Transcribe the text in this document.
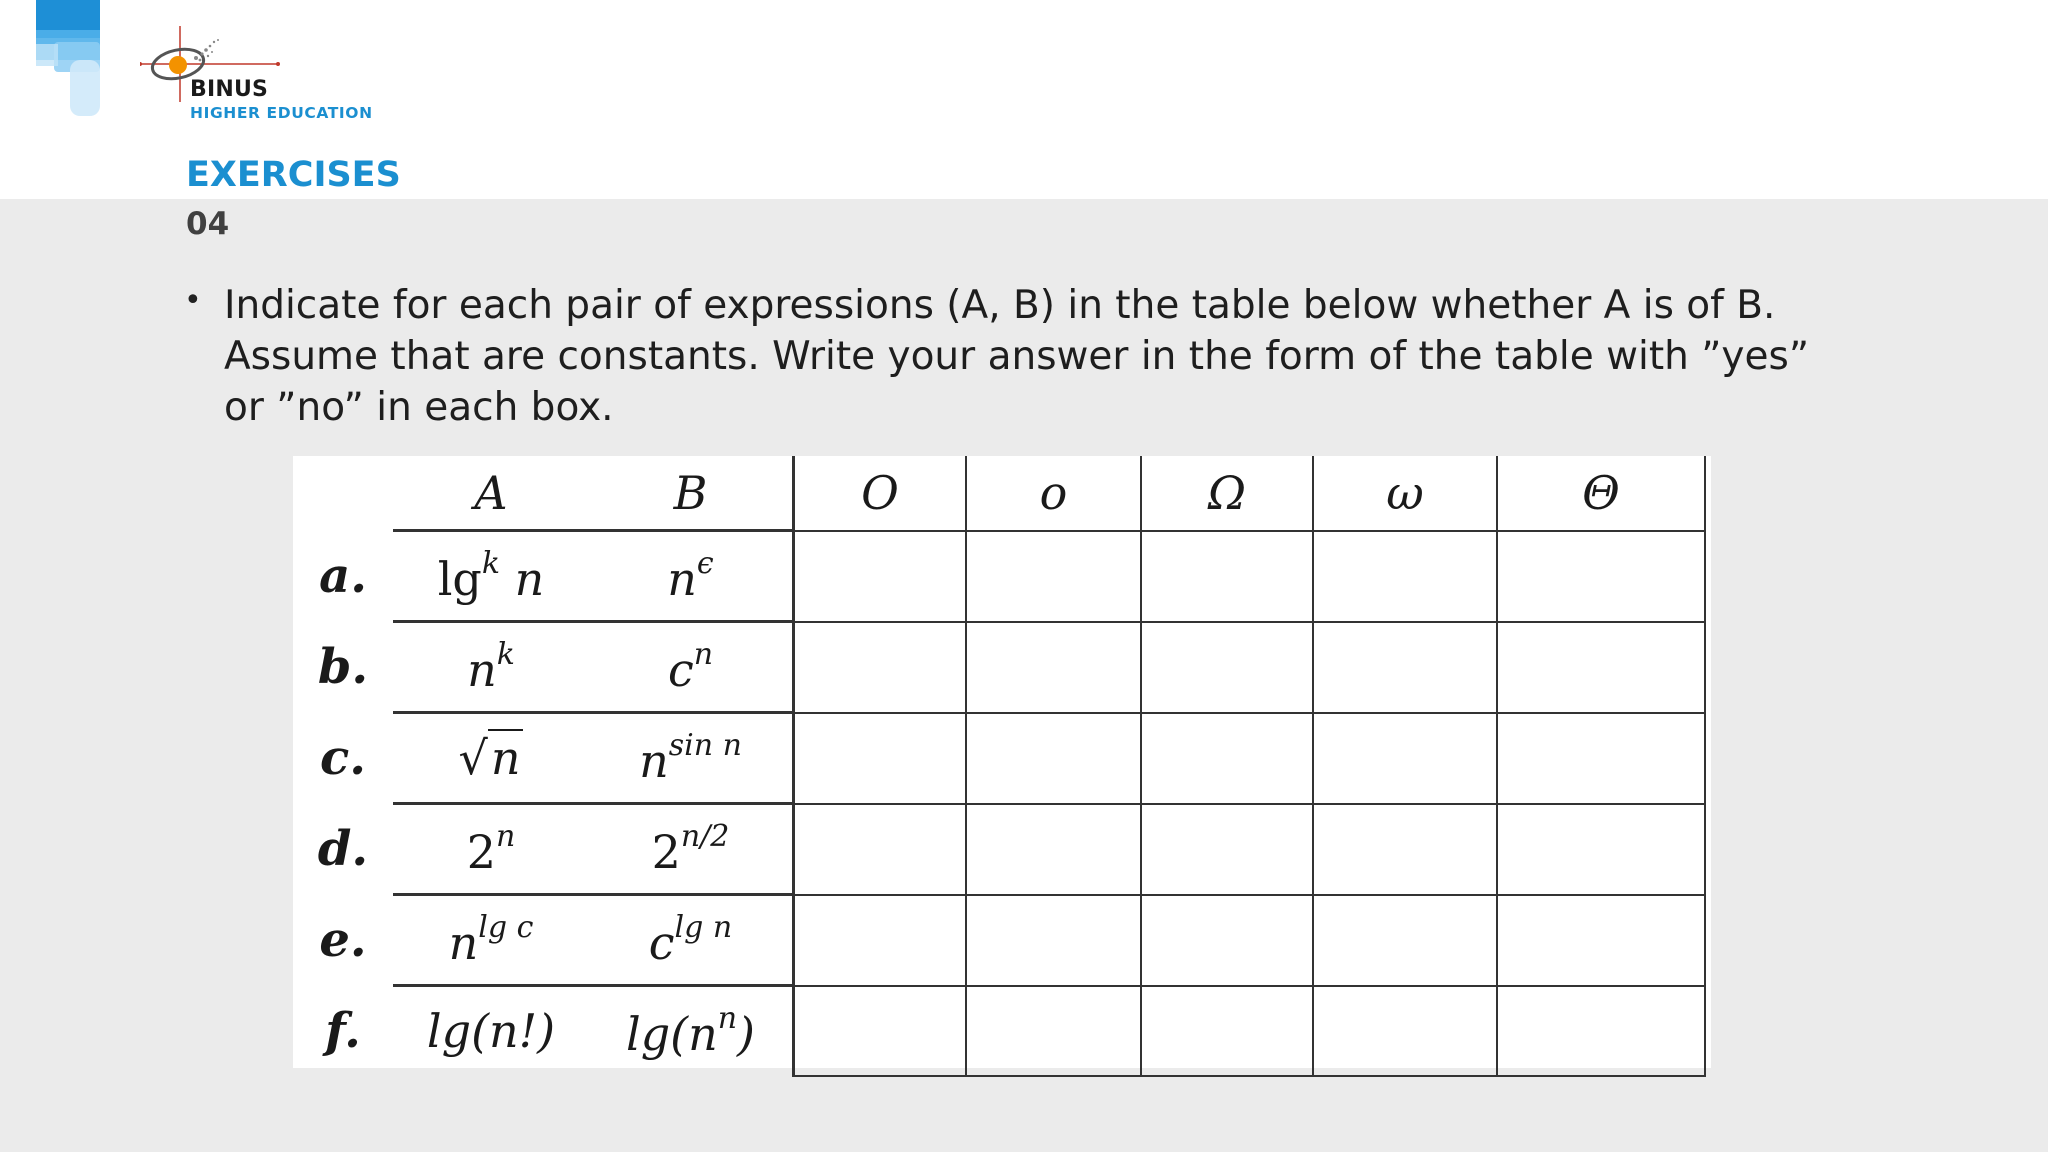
BINUS
HIGHER EDUCATION
EXERCISES
04
• Indicate for each pair of expressions (A, B) in the table below whether A is of B.
Assume that are constants. Write your answer in the form of the table with ”yes”
or ”no” in each box.

	A	B	O	o	Ω	ω	Θ
a.	$\lg^k n$	$n^\epsilon$					
b.	$n^k$	$c^n$					
c.	√n	$n^{sin n}$					
d.	2$^n$	$2^{n/2}$					
e.	$n^{lg c}$	$c^{lg n}$					
f.	lg(n!)	$\lg(n^n)$					
